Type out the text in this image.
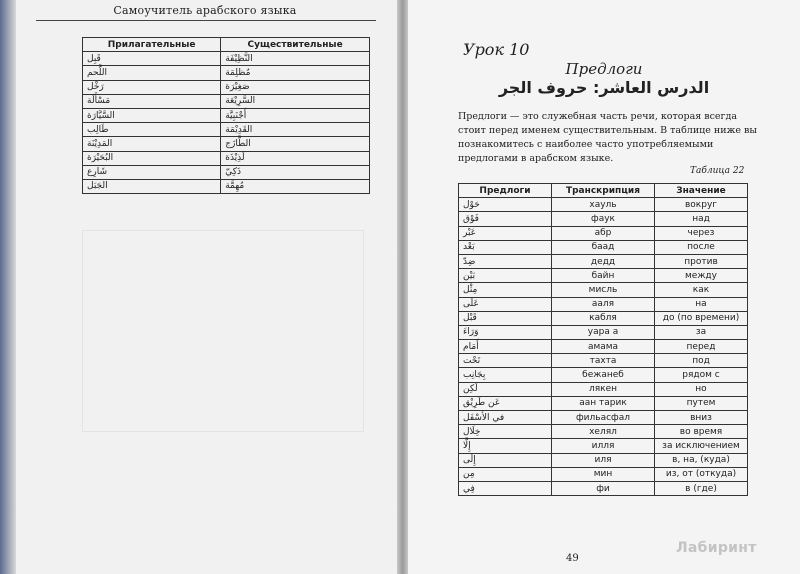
Самоучитель арабского языка
Прилагательные	Существительные
قَبِل	النَّظِيْفَة
اللَّحم	مُظلِمَة
رَخْل	صَغِيْرَة
مَسْأَلَة	السَّرِيْعَة
السَّيَّارَة	أَجْنَبِيَّة
طَالِب	القَدِيْمَة
المَدِيْنَة	الطَّازَج
البُحَيْرَة	لَذِيْذَة
شَارِع	ذَكِيّ
الجَبَل	مُهِمَّة
Урок 10
Предлоги
الدرس العاشر: حروف الجر
Предлоги — это служебная часть речи, которая всегда стоит перед именем существительным. В таблице ниже вы познакомитесь с наиболее часто употребляемыми предлогами в арабском языке.
Таблица 22
Предлоги	Транскрипция	Значение
حَوْل	хауль	вокруг
فَوْق	фаук	над
عَبْر	абр	через
بَعْد	баад	после
ضِدّ	дедд	против
بَيْن	байн	между
مِثْل	мисль	как
عَلَى	ааля	на
قَبْل	кабля	до (по времени)
وَرَاءَ	уара а	за
أَمَام	амама	перед
تَحْت	тахта	под
بِجَانِب	бежанеб	рядом с
لَكِن	лякен	но
عَن طَرِيْق	аан тарик	путем
في الأَسْفَل	фильасфал	вниз
خِلَال	хелял	во время
إِلَّا	илля	за исключением
إِلَى	иля	в, на, (куда)
مِن	мин	из, от (откуда)
فِي	фи	в (где)
49
Лабиринт
